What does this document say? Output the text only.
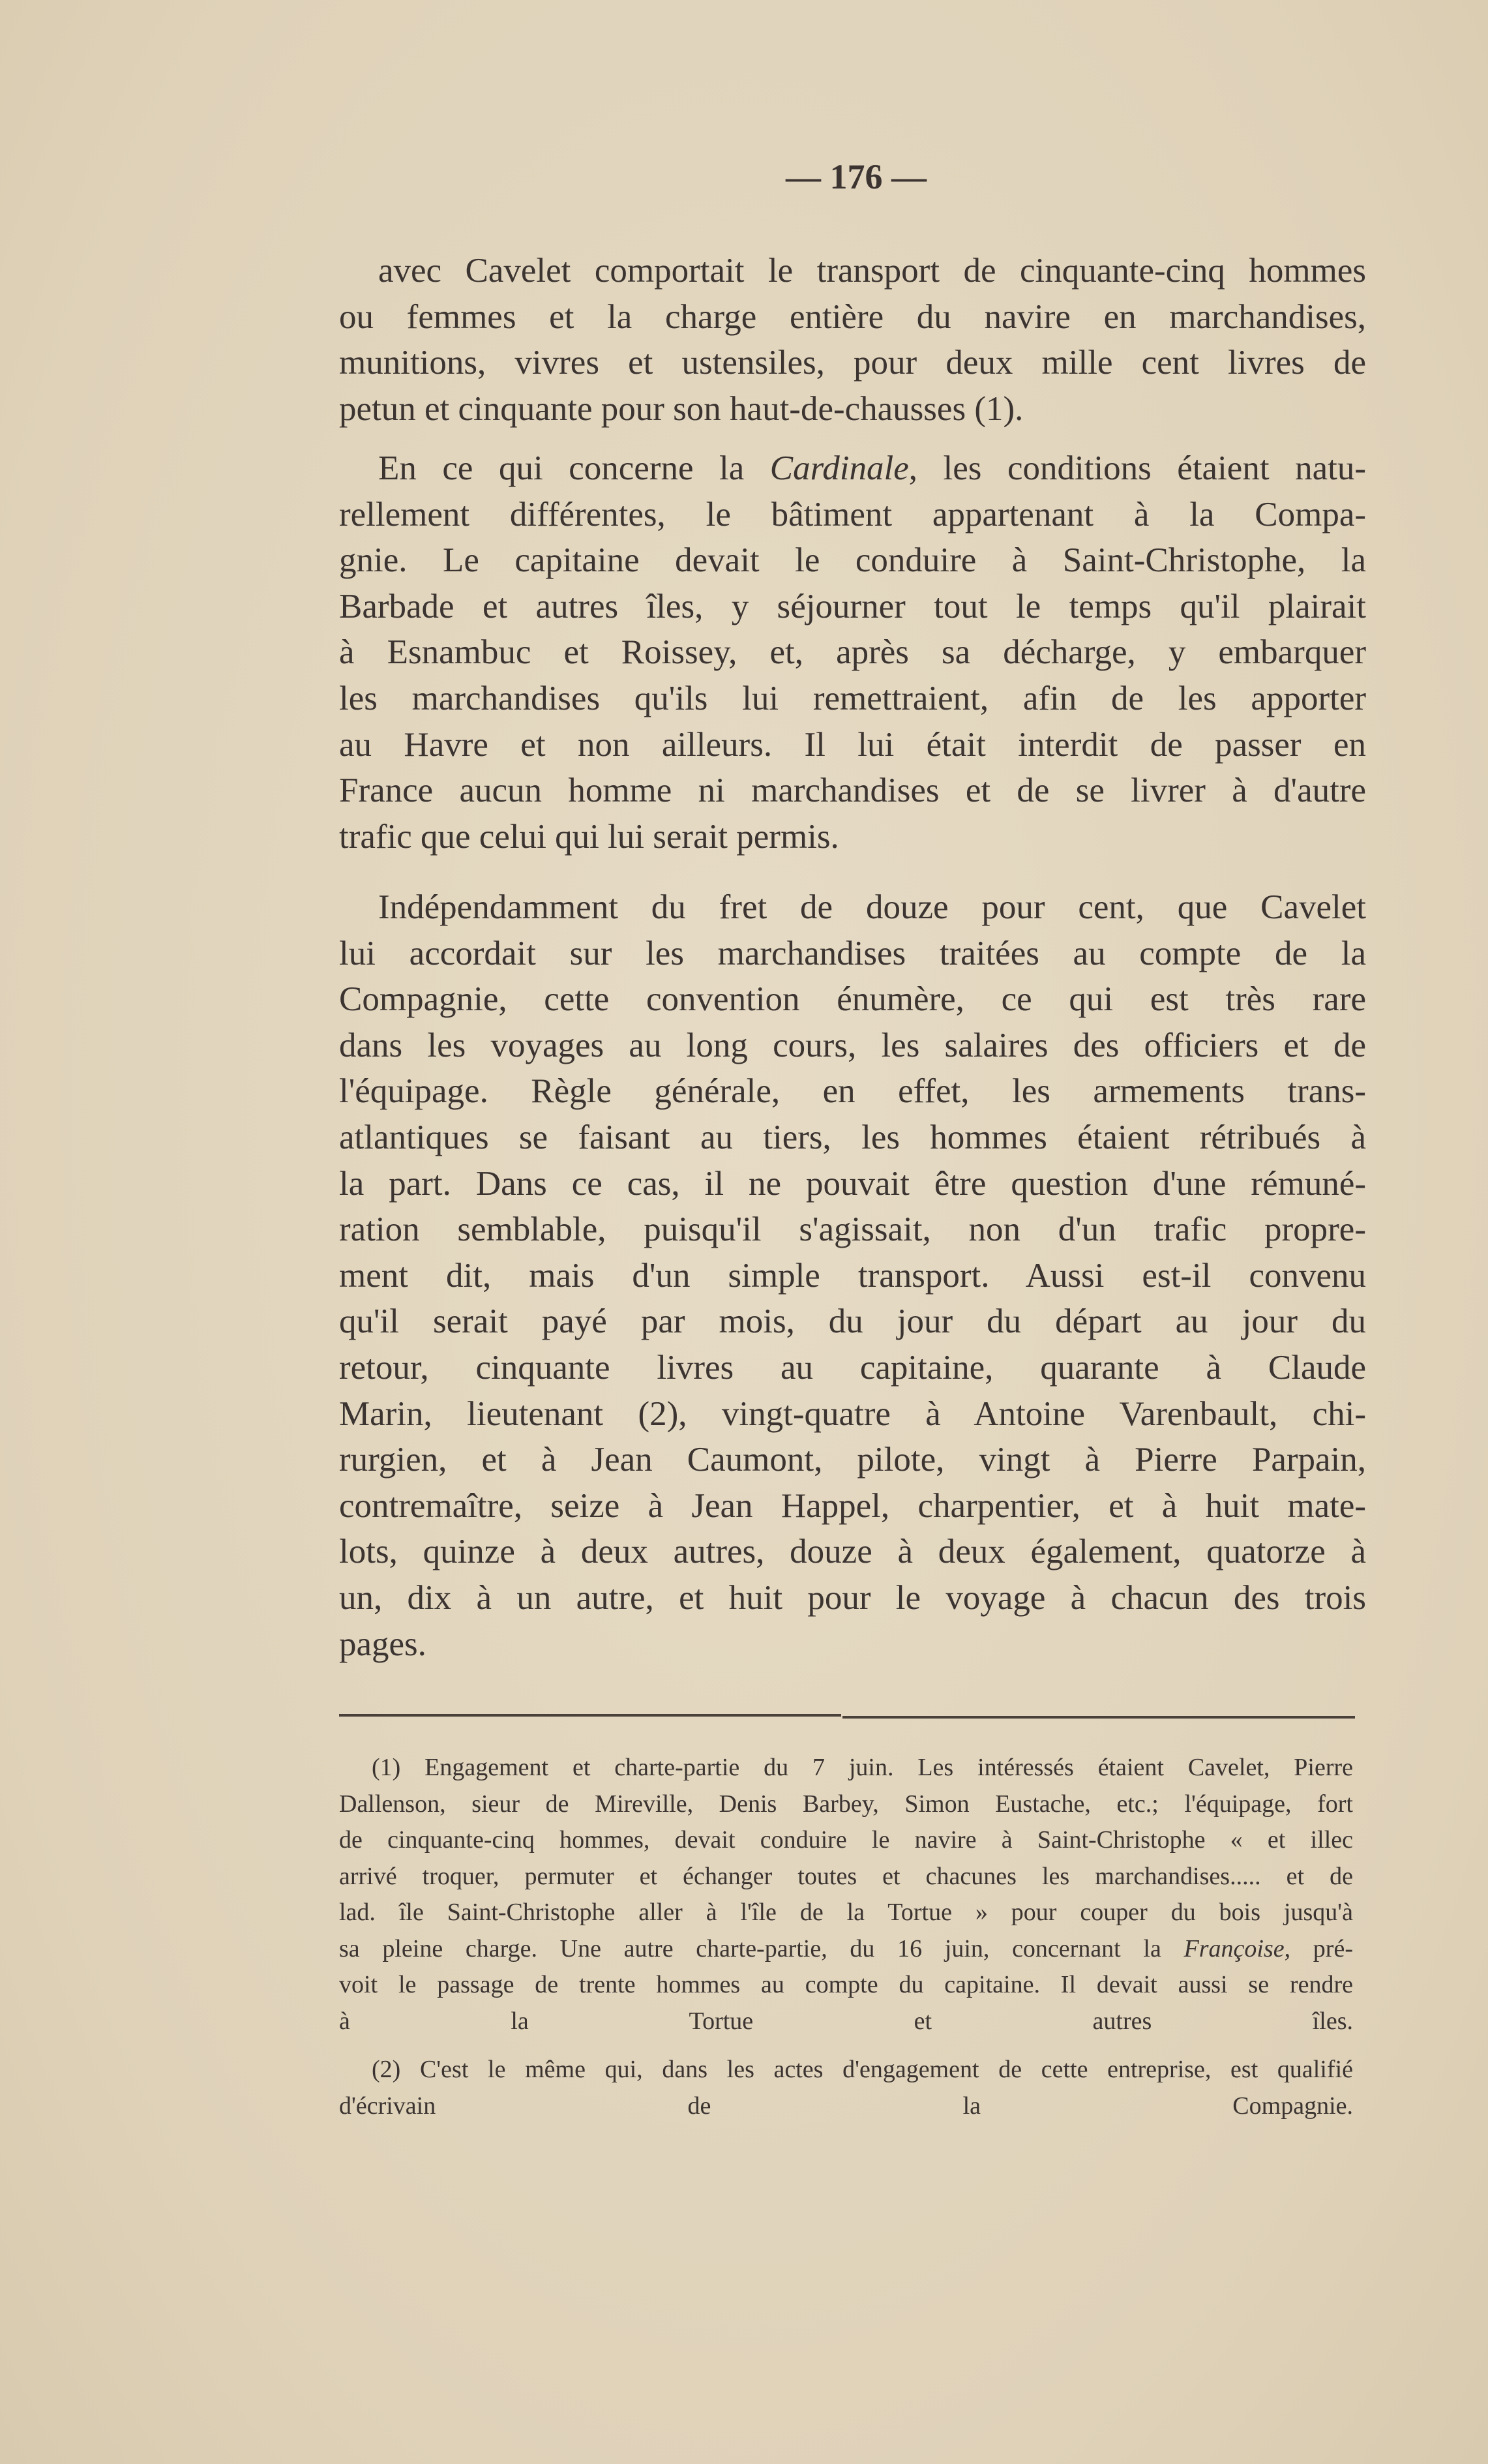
— 176 —
avec Cavelet comportait le transport de cinquante-cinq hommes
ou femmes et la charge entière du navire en marchandises,
munitions, vivres et ustensiles, pour deux mille cent livres de
petun et cinquante pour son haut-de-chausses (1).
En ce qui concerne la Cardinale, les conditions étaient natu-
rellement différentes, le bâtiment appartenant à la Compa-
gnie. Le capitaine devait le conduire à Saint-Christophe, la
Barbade et autres îles, y séjourner tout le temps qu'il plairait
à Esnambuc et Roissey, et, après sa décharge, y embarquer
les marchandises qu'ils lui remettraient, afin de les apporter
au Havre et non ailleurs. Il lui était interdit de passer en
France aucun homme ni marchandises et de se livrer à d'autre
trafic que celui qui lui serait permis.
Indépendamment du fret de douze pour cent, que Cavelet
lui accordait sur les marchandises traitées au compte de la
Compagnie, cette convention énumère, ce qui est très rare
dans les voyages au long cours, les salaires des officiers et de
l'équipage. Règle générale, en effet, les armements trans-
atlantiques se faisant au tiers, les hommes étaient rétribués à
la part. Dans ce cas, il ne pouvait être question d'une rémuné-
ration semblable, puisqu'il s'agissait, non d'un trafic propre-
ment dit, mais d'un simple transport. Aussi est-il convenu
qu'il serait payé par mois, du jour du départ au jour du
retour, cinquante livres au capitaine, quarante à Claude
Marin, lieutenant (2), vingt-quatre à Antoine Varenbault, chi-
rurgien, et à Jean Caumont, pilote, vingt à Pierre Parpain,
contremaître, seize à Jean Happel, charpentier, et à huit mate-
lots, quinze à deux autres, douze à deux également, quatorze à
un, dix à un autre, et huit pour le voyage à chacun des trois
pages.
(1) Engagement et charte-partie du 7 juin. Les intéressés étaient Cavelet, Pierre
Dallenson, sieur de Mireville, Denis Barbey, Simon Eustache, etc.; l'équipage, fort
de cinquante-cinq hommes, devait conduire le navire à Saint-Christophe « et illec
arrivé troquer, permuter et échanger toutes et chacunes les marchandises..... et de
lad. île Saint-Christophe aller à l'île de la Tortue » pour couper du bois jusqu'à
sa pleine charge. Une autre charte-partie, du 16 juin, concernant la Françoise, pré-
voit le passage de trente hommes au compte du capitaine. Il devait aussi se rendre
à la Tortue et autres îles.
(2) C'est le même qui, dans les actes d'engagement de cette entreprise, est qualifié
d'écrivain de la Compagnie.
